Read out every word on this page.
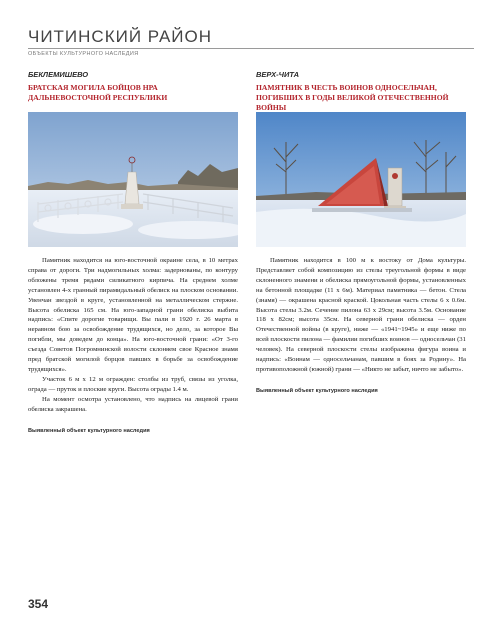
ЧИТИНСКИЙ РАЙОН
ОБЪЕКТЫ КУЛЬТУРНОГО НАСЛЕДИЯ
БЕКЛЕМИШЕВО
БРАТСКАЯ МОГИЛА БОЙЦОВ НРА ДАЛЬНЕВОСТОЧНОЙ РЕСПУБЛИКИ

Памятник находится на юго-восточной окраине села, в 10 метрах справа от дороги. Три надмогильных холма: задернованы, по контуру обложены тремя рядами силикатного кирпича. На среднем холме установлен 4-х гранный пирамидальный обелиск на плоском основании. Увенчан звездой в круге, установленной на металлическом стержне. Высота обелиска 165 см. На юго-западной грани обелиска выбита надпись: «Спите дорогие товарищи. Вы пали в 1920 г. 26 марта в неравном бою за освобождение трудящихся, но дело, за которое Вы погибли, мы доведем до конца». На юго-восточной грани: «От 3-го съезда Советов Погромнинской волости склоняем свое Красное знамя пред братской могилой борцов павших в борьбе за освобождение трудящихся».

Участок 6 м х 12 м огражден: столбы из труб, связы из уголка, ограда — пруток и плоские круги. Высота ограды 1.4 м.

На момент осмотра установлено, что надпись на лицевой грани обелиска закрашена.

Выявленный объект культурного наследия
ВЕРХ-ЧИТА
ПАМЯТНИК В ЧЕСТЬ ВОИНОВ ОДНОСЕЛЬЧАН, ПОГИБШИХ В ГОДЫ ВЕЛИКОЙ ОТЕЧЕСТВЕННОЙ ВОЙНЫ

Памятник находится в 100 м к востоку от Дома культуры. Представляет собой композицию из стелы треугольной формы в виде склоненного знамени и обелиска прямоугольной формы, установленных на бетонной площадке (11 х 6м). Материал памятника — бетон. Стела (знамя) — окрашена красной краской. Цокольная часть стелы 6 х 0.6м. Высота стелы 3.2м. Сечение пилона 63 х 29см; высота 3.5м. Основание 118 х 82см; высота 35см. На северной грани обелиска — орден Отечественной войны (в круге), ниже — «1941~1945» и еще ниже по всей плоскости пилона — фамилии погибших воинов — односельчан (31 человек). На северной плоскости стелы изображена фигура воина и надпись: «Воинам — односельчанам, павшим в боях за Родину». На противоположной (южной) грани — «Никто не забыт, ничто не забыто».

Выявленный объект культурного наследия
354
